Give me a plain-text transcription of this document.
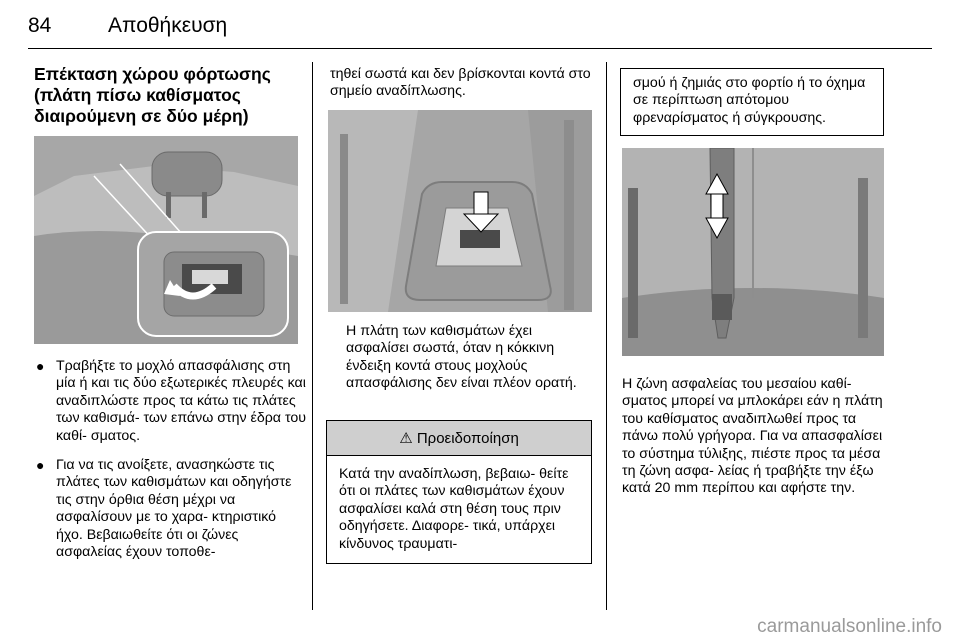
84	Αποθήκευση
Επέκταση χώρου φόρτωσης (πλάτη πίσω καθίσματος διαιρούμενη σε δύο μέρη)
● Τραβήξτε το μοχλό απασφάλισης στη μία ή και τις δύο εξωτερικές πλευρές και αναδιπλώστε προς τα κάτω τις πλάτες των καθισμά- των επάνω στην έδρα του καθί- σματος.
● Για να τις ανοίξετε, ανασηκώστε τις πλάτες των καθισμάτων και οδηγήστε τις στην όρθια θέση μέχρι να ασφαλίσουν με το χαρα- κτηριστικό ήχο. Βεβαιωθείτε ότι οι ζώνες ασφαλείας έχουν τοποθε-
τηθεί σωστά και δεν βρίσκονται κοντά στο σημείο αναδίπλωσης.
Η πλάτη των καθισμάτων έχει ασφαλίσει σωστά, όταν η κόκκινη ένδειξη κοντά στους μοχλούς απασφάλισης δεν είναι πλέον ορατή.
⚠ Προειδοποίηση
Κατά την αναδίπλωση, βεβαιω- θείτε ότι οι πλάτες των καθισμάτων έχουν ασφαλίσει καλά στη θέση τους πριν οδηγήσετε. Διαφορε- τικά, υπάρχει κίνδυνος τραυματι-
σμού ή ζημιάς στο φορτίο ή το όχημα σε περίπτωση απότομου φρεναρίσματος ή σύγκρουσης.
Η ζώνη ασφαλείας του μεσαίου καθί- σματος μπορεί να μπλοκάρει εάν η πλάτη του καθίσματος αναδιπλωθεί προς τα πάνω πολύ γρήγορα. Για να απασφαλίσει το σύστημα τύλιξης, πιέστε προς τα μέσα τη ζώνη ασφα- λείας ή τραβήξτε την έξω κατά 20 mm περίπου και αφήστε την.
carmanualsonline.info
